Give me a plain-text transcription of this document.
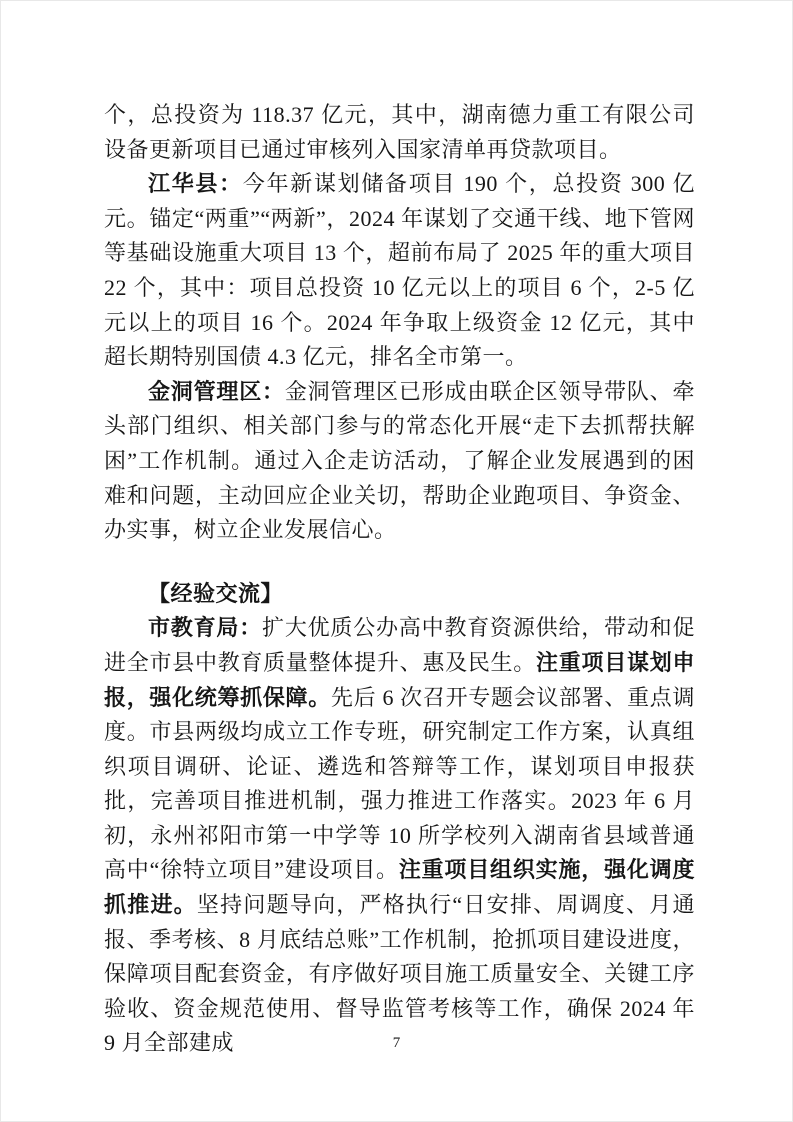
个，总投资为 118.37 亿元，其中，湖南德力重工有限公司设备更新项目已通过审核列入国家清单再贷款项目。

江华县：今年新谋划储备项目 190 个，总投资 300 亿元。锚定“两重”“两新”，2024 年谋划了交通干线、地下管网等基础设施重大项目 13 个，超前布局了 2025 年的重大项目 22 个，其中：项目总投资 10 亿元以上的项目 6 个，2-5 亿元以上的项目 16 个。2024 年争取上级资金 12 亿元，其中超长期特别国债 4.3 亿元，排名全市第一。

金洞管理区：金洞管理区已形成由联企区领导带队、牵头部门组织、相关部门参与的常态化开展“走下去抓帮扶解困”工作机制。通过入企走访活动，了解企业发展遇到的困难和问题，主动回应企业关切，帮助企业跑项目、争资金、办实事，树立企业发展信心。

【经验交流】

市教育局：扩大优质公办高中教育资源供给，带动和促进全市县中教育质量整体提升、惠及民生。注重项目谋划申报，强化统筹抓保障。先后 6 次召开专题会议部署、重点调度。市县两级均成立工作专班，研究制定工作方案，认真组织项目调研、论证、遴选和答辩等工作，谋划项目申报获批，完善项目推进机制，强力推进工作落实。2023 年 6 月初，永州祁阳市第一中学等 10 所学校列入湖南省县域普通高中“徐特立项目”建设项目。注重项目组织实施，强化调度抓推进。坚持问题导向，严格执行“日安排、周调度、月通报、季考核、8 月底结总账”工作机制，抢抓项目建设进度，保障项目配套资金，有序做好项目施工质量安全、关键工序验收、资金规范使用、督导监管考核等工作，确保 2024 年 9 月全部建成	7
